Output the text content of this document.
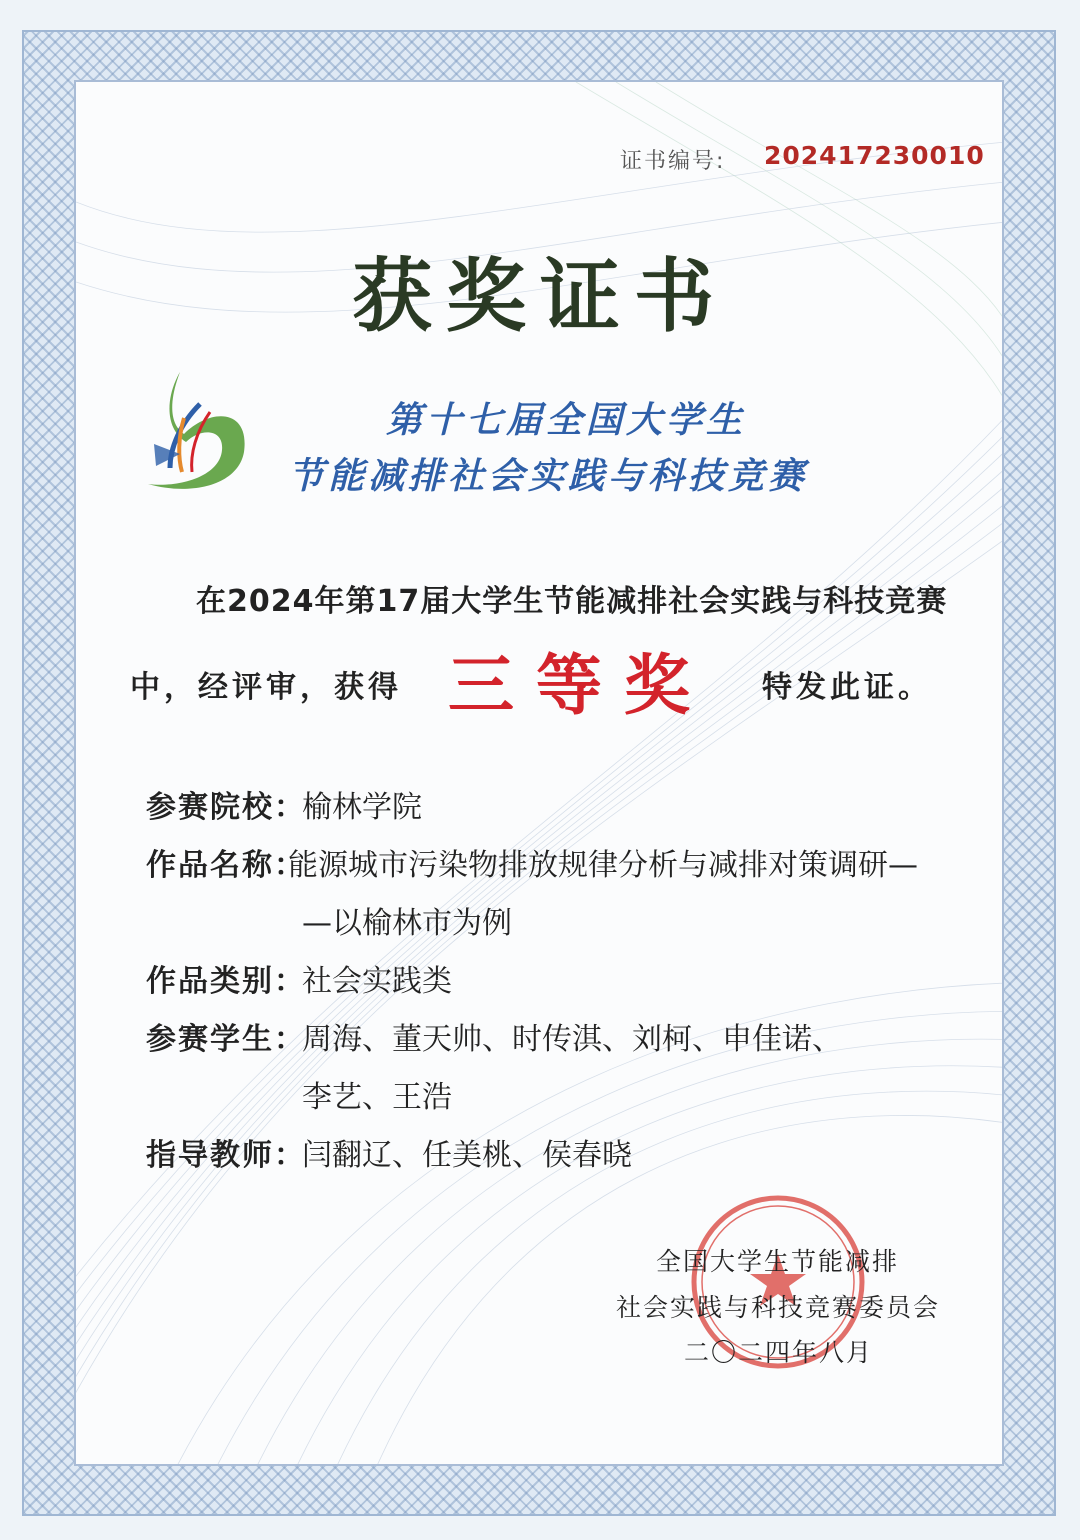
证书编号: 202417230010
获奖证书
第十七届全国大学生
节能减排社会实践与科技竞赛
在2024年第17届大学生节能减排社会实践与科技竞赛
中，经评审，获得 三等奖 特发此证。
参赛院校：
榆林学院
作品名称：
能源城市污染物排放规律分析与减排对策调研—
—以榆林市为例
作品类别：
社会实践类
参赛学生：
周海、董天帅、时传淇、刘柯、申佳诺、
李艺、王浩
指导教师：
闫翻辽、任美桃、侯春晓
全国大学生节能减排
社会实践与科技竞赛委员会
二〇二四年八月
